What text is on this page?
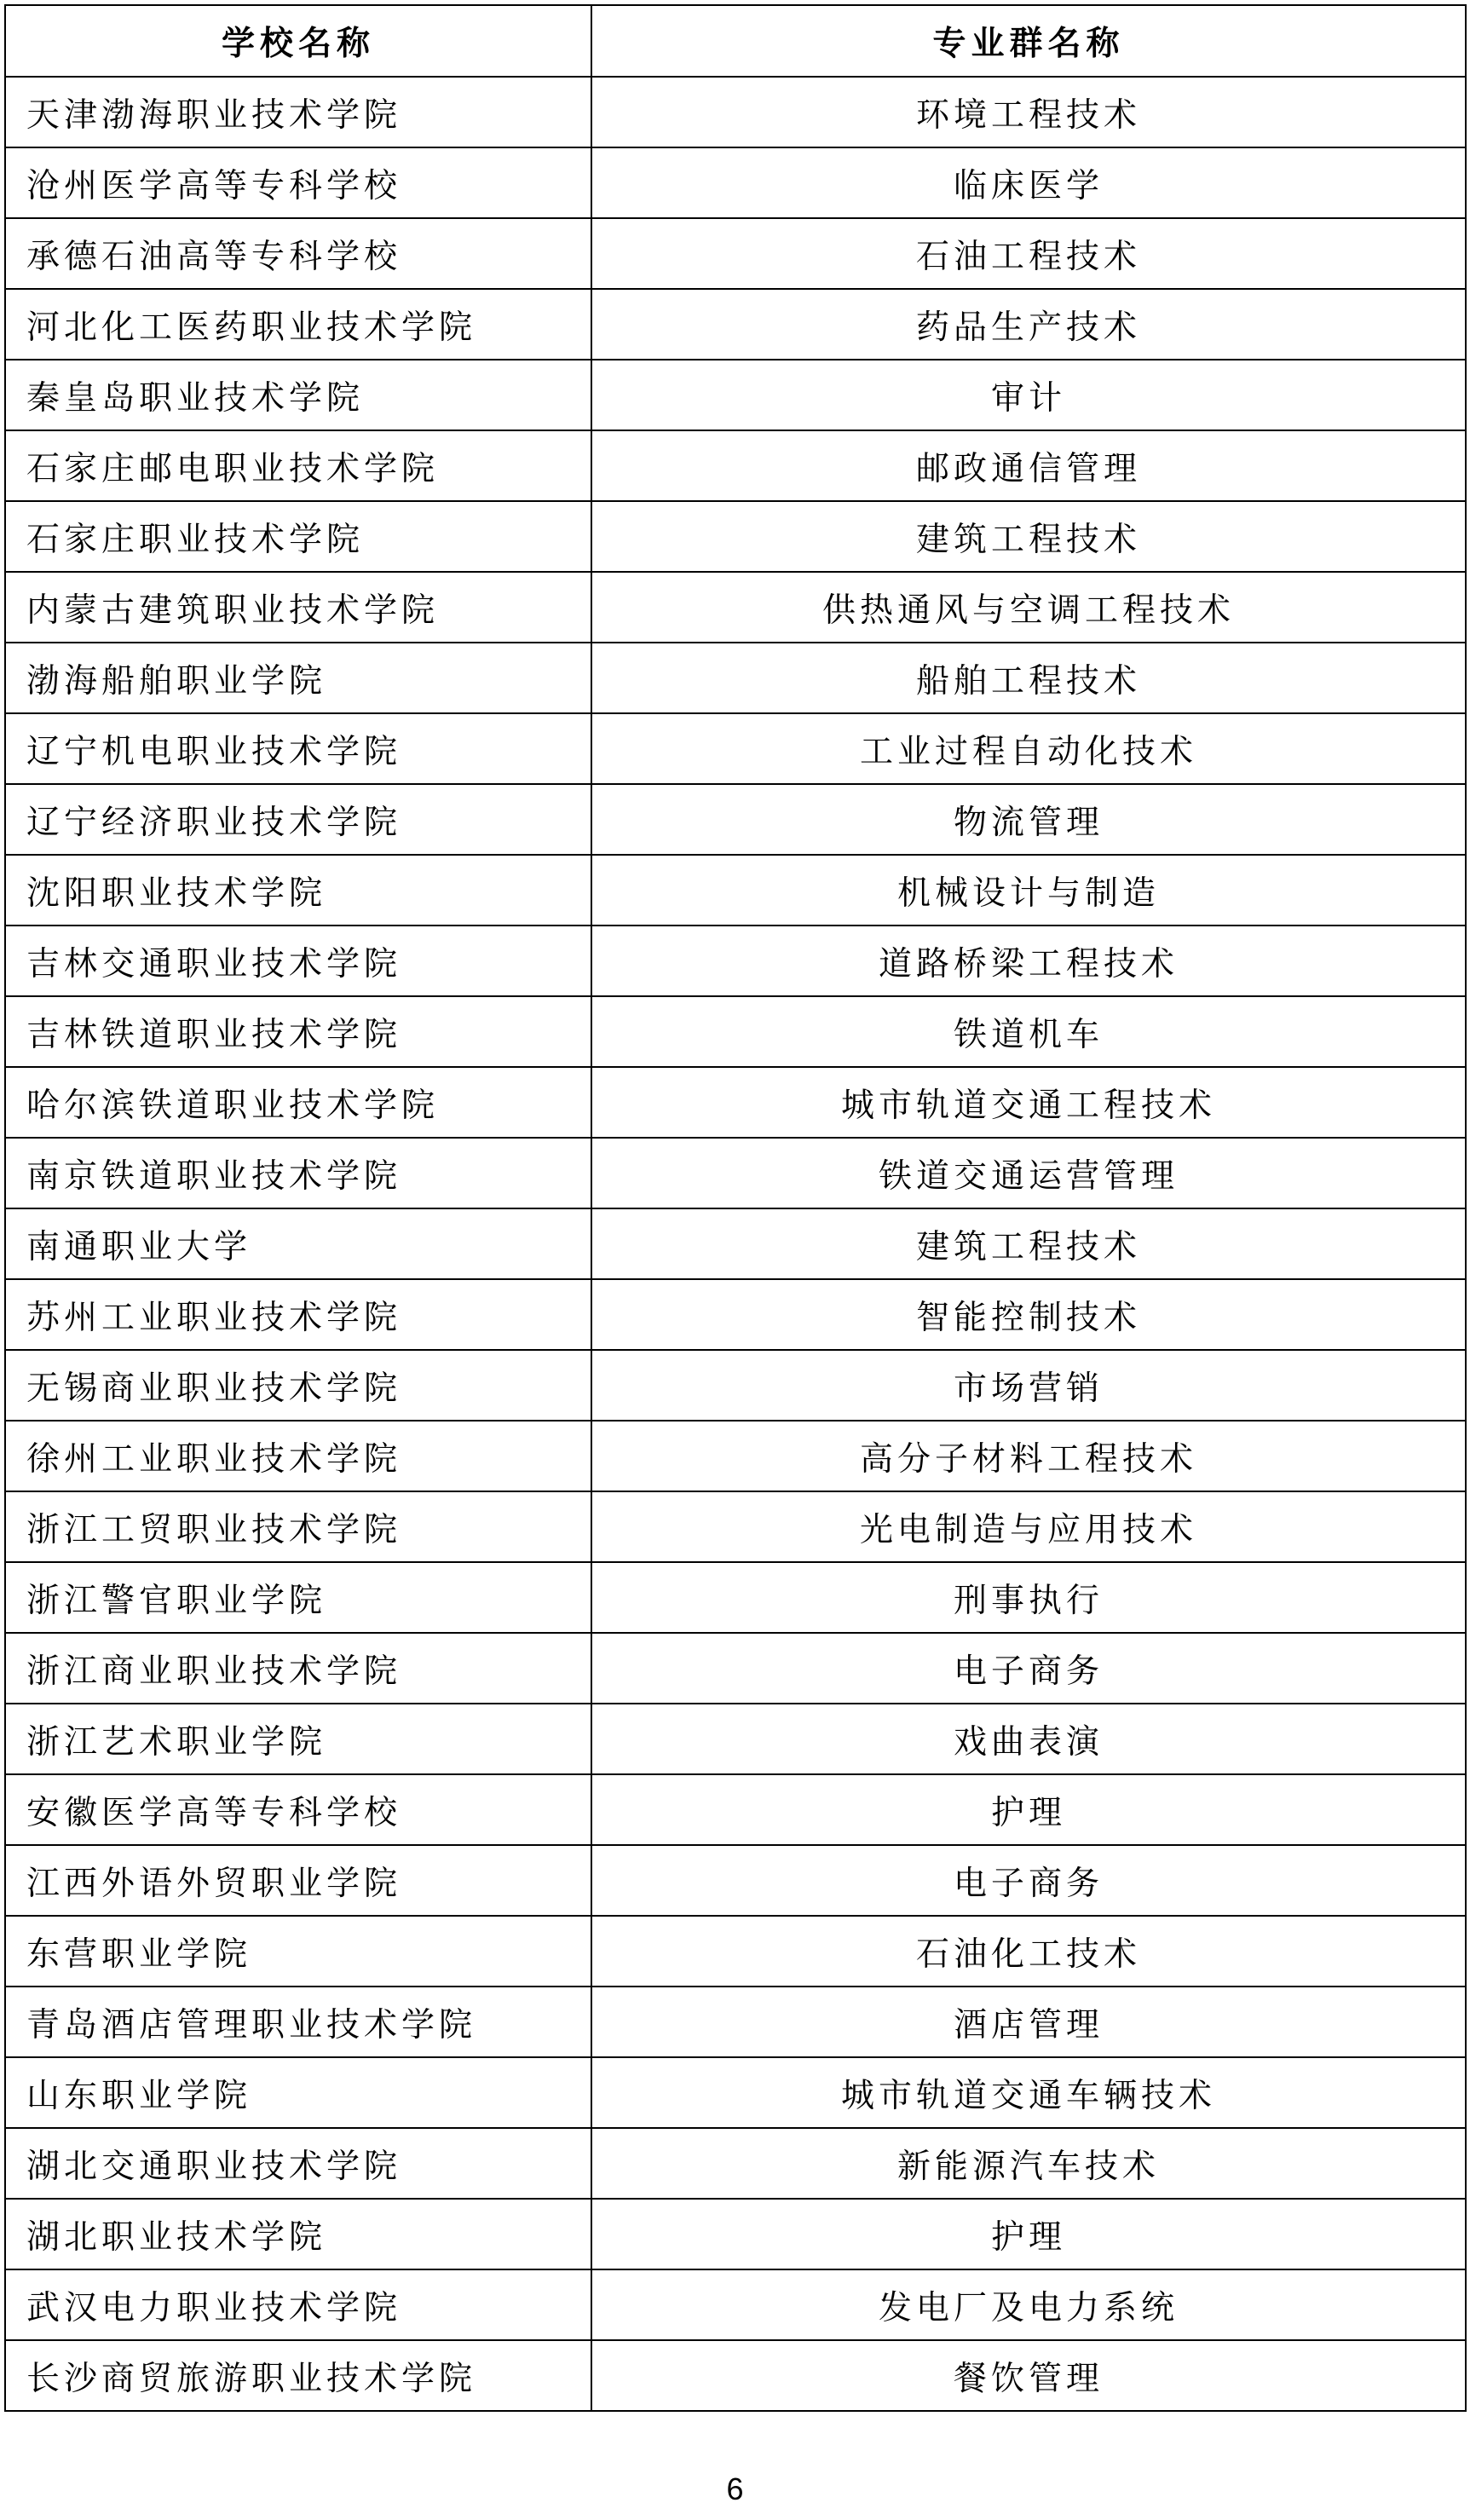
学校名称	专业群名称
天津渤海职业技术学院	环境工程技术
沧州医学高等专科学校	临床医学
承德石油高等专科学校	石油工程技术
河北化工医药职业技术学院	药品生产技术
秦皇岛职业技术学院	审计
石家庄邮电职业技术学院	邮政通信管理
石家庄职业技术学院	建筑工程技术
内蒙古建筑职业技术学院	供热通风与空调工程技术
渤海船舶职业学院	船舶工程技术
辽宁机电职业技术学院	工业过程自动化技术
辽宁经济职业技术学院	物流管理
沈阳职业技术学院	机械设计与制造
吉林交通职业技术学院	道路桥梁工程技术
吉林铁道职业技术学院	铁道机车
哈尔滨铁道职业技术学院	城市轨道交通工程技术
南京铁道职业技术学院	铁道交通运营管理
南通职业大学	建筑工程技术
苏州工业职业技术学院	智能控制技术
无锡商业职业技术学院	市场营销
徐州工业职业技术学院	高分子材料工程技术
浙江工贸职业技术学院	光电制造与应用技术
浙江警官职业学院	刑事执行
浙江商业职业技术学院	电子商务
浙江艺术职业学院	戏曲表演
安徽医学高等专科学校	护理
江西外语外贸职业学院	电子商务
东营职业学院	石油化工技术
青岛酒店管理职业技术学院	酒店管理
山东职业学院	城市轨道交通车辆技术
湖北交通职业技术学院	新能源汽车技术
湖北职业技术学院	护理
武汉电力职业技术学院	发电厂及电力系统
长沙商贸旅游职业技术学院	餐饮管理
6
